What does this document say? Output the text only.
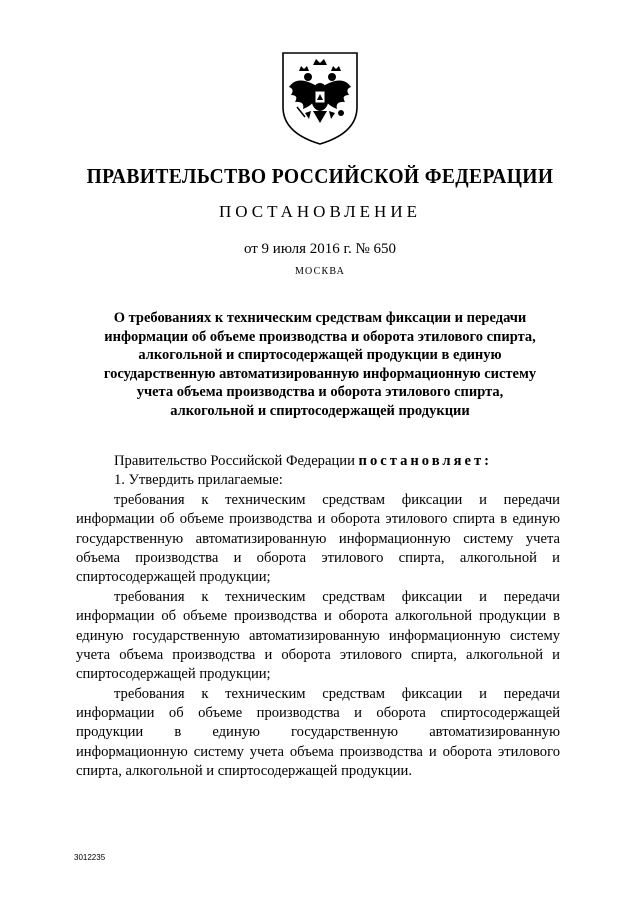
ПРАВИТЕЛЬСТВО РОССИЙСКОЙ ФЕДЕРАЦИИ
ПОСТАНОВЛЕНИЕ
от 9 июля 2016 г. № 650
МОСКВА
О требованиях к техническим средствам фиксации и передачи
информации об объеме производства и оборота этилового спирта,
алкогольной и спиртосодержащей продукции в единую
государственную автоматизированную информационную систему
учета объема производства и оборота этилового спирта,
алкогольной и спиртосодержащей продукции
Правительство Российской Федерации постановляет:
1. Утвердить прилагаемые:
требования к техническим средствам фиксации и передачи
информации об объеме производства и оборота этилового спирта в единую
государственную автоматизированную информационную систему учета
объема производства и оборота этилового спирта, алкогольной и
спиртосодержащей продукции;
требования к техническим средствам фиксации и передачи
информации об объеме производства и оборота алкогольной продукции в
единую государственную автоматизированную информационную систему
учета объема производства и оборота этилового спирта, алкогольной и
спиртосодержащей продукции;
требования к техническим средствам фиксации и передачи
информации об объеме производства и оборота спиртосодержащей
продукции в единую государственную автоматизированную
информационную систему учета объема производства и оборота этилового
спирта, алкогольной и спиртосодержащей продукции.
3012235
